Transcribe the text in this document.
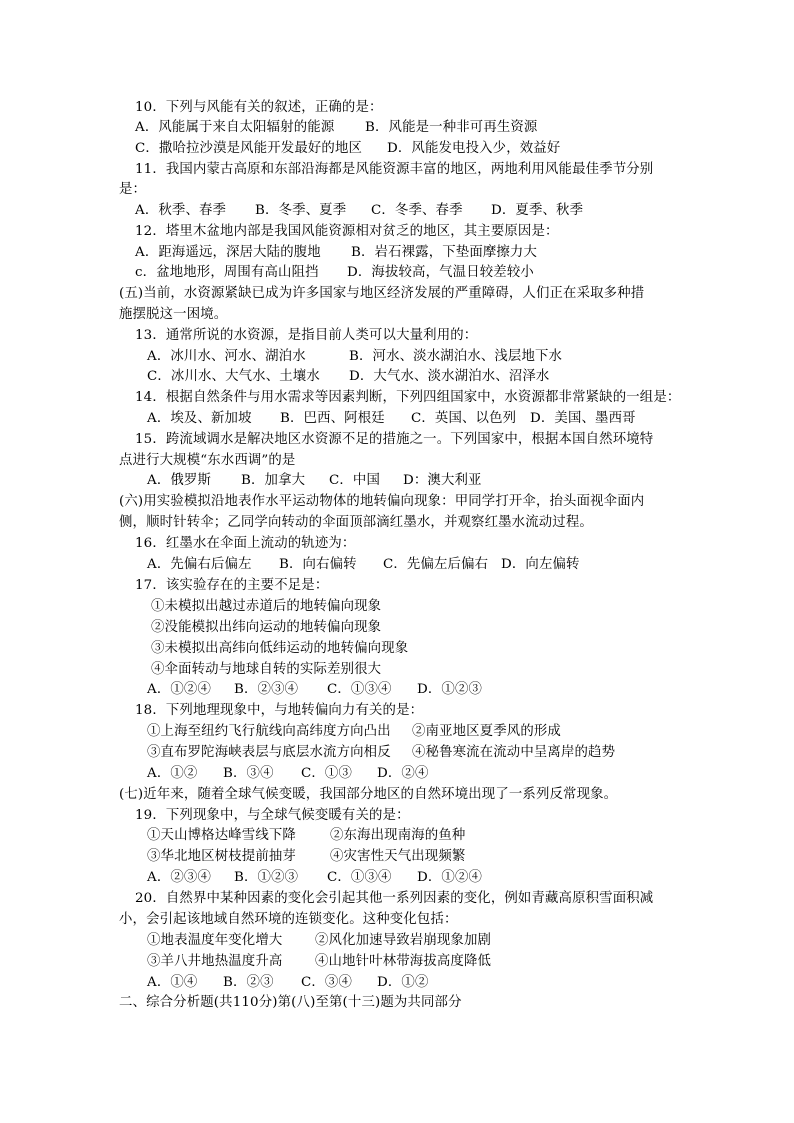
10．下列与风能有关的叙述，正确的是：
A．风能属于来自太阳辐射的能源 B．风能是一种非可再生资源
C．撒哈拉沙漠是风能开发最好的地区 D．风能发电投入少，效益好
11．我国内蒙古高原和东部沿海都是风能资源丰富的地区，两地利用风能最佳季节分别
是：
A．秋季、春季 B．冬季、夏季 C．冬季、春季 D．夏季、秋季
12．塔里木盆地内部是我国风能资源相对贫乏的地区，其主要原因是：
A．距海遥远，深居大陆的腹地 B．岩石裸露，下垫面摩擦力大
c．盆地地形，周围有高山阻挡 D．海拔较高，气温日较差较小
(五)当前，水资源紧缺已成为许多国家与地区经济发展的严重障碍，人们正在采取多种措
施摆脱这一困境。
13．通常所说的水资源，是指目前人类可以大量利用的：
A．冰川水、河水、湖泊水	B．河水、淡水湖泊水、浅层地下水
C．冰川水、大气水、土壤水 D．大气水、淡水湖泊水、沼泽水
14．根据自然条件与用水需求等因素判断，下列四组国家中，水资源都非常紧缺的一组是：
A．埃及、新加坡 B．巴西、阿根廷 C．英国、以色列 D．美国、墨西哥
15．跨流域调水是解决地区水资源不足的措施之一。下列国家中，根据本国自然环境特
点进行大规模“东水西调”的是
A．俄罗斯 B．加拿大 C．中国 D：澳大利亚
(六)用实验模拟沿地表作水平运动物体的地转偏向现象：甲同学打开伞，抬头面视伞面内
侧，顺时针转伞；乙同学向转动的伞面顶部滴红墨水，并观察红墨水流动过程。
16．红墨水在伞面上流动的轨迹为：
A．先偏右后偏左 B．向右偏转 C．先偏左后偏右 D．向左偏转
17．该实验存在的主要不足是：
①未模拟出越过赤道后的地转偏向现象
②没能模拟出纬向运动的地转偏向现象
③未模拟出高纬向低纬运动的地转偏向现象
④伞面转动与地球自转的实际差别很大
A．①②④ B．②③④ C．①③④ D．①②③
18．下列地理现象中，与地转偏向力有关的是：
①上海至纽约飞行航线向高纬度方向凸出 ②南亚地区夏季风的形成
③直布罗陀海峡表层与底层水流方向相反 ④秘鲁寒流在流动中呈离岸的趋势
A．①② B．③④ C．①③ D．②④
(七)近年来，随着全球气候变暖，我国部分地区的自然环境出现了一系列反常现象。
19．下列现象中，与全球气候变暖有关的是：
①天山博格达峰雪线下降	②东海出现南海的鱼种
③华北地区树枝提前抽芽	④灾害性天气出现频繁
A．②③④ B．①②③ C．①③④ D．①②④
20．自然界中某种因素的变化会引起其他一系列因素的变化，例如青藏高原积雪面积减
小，会引起该地域自然环境的连锁变化。这种变化包括：
①地表温度年变化增大 ②风化加速导致岩崩现象加剧
③羊八井地热温度升高 ④山地针叶林带海拔高度降低
A．①④ B．②③ C．③④ D．①②
二、综合分析题(共110分)第(八)至第(十三)题为共同部分
